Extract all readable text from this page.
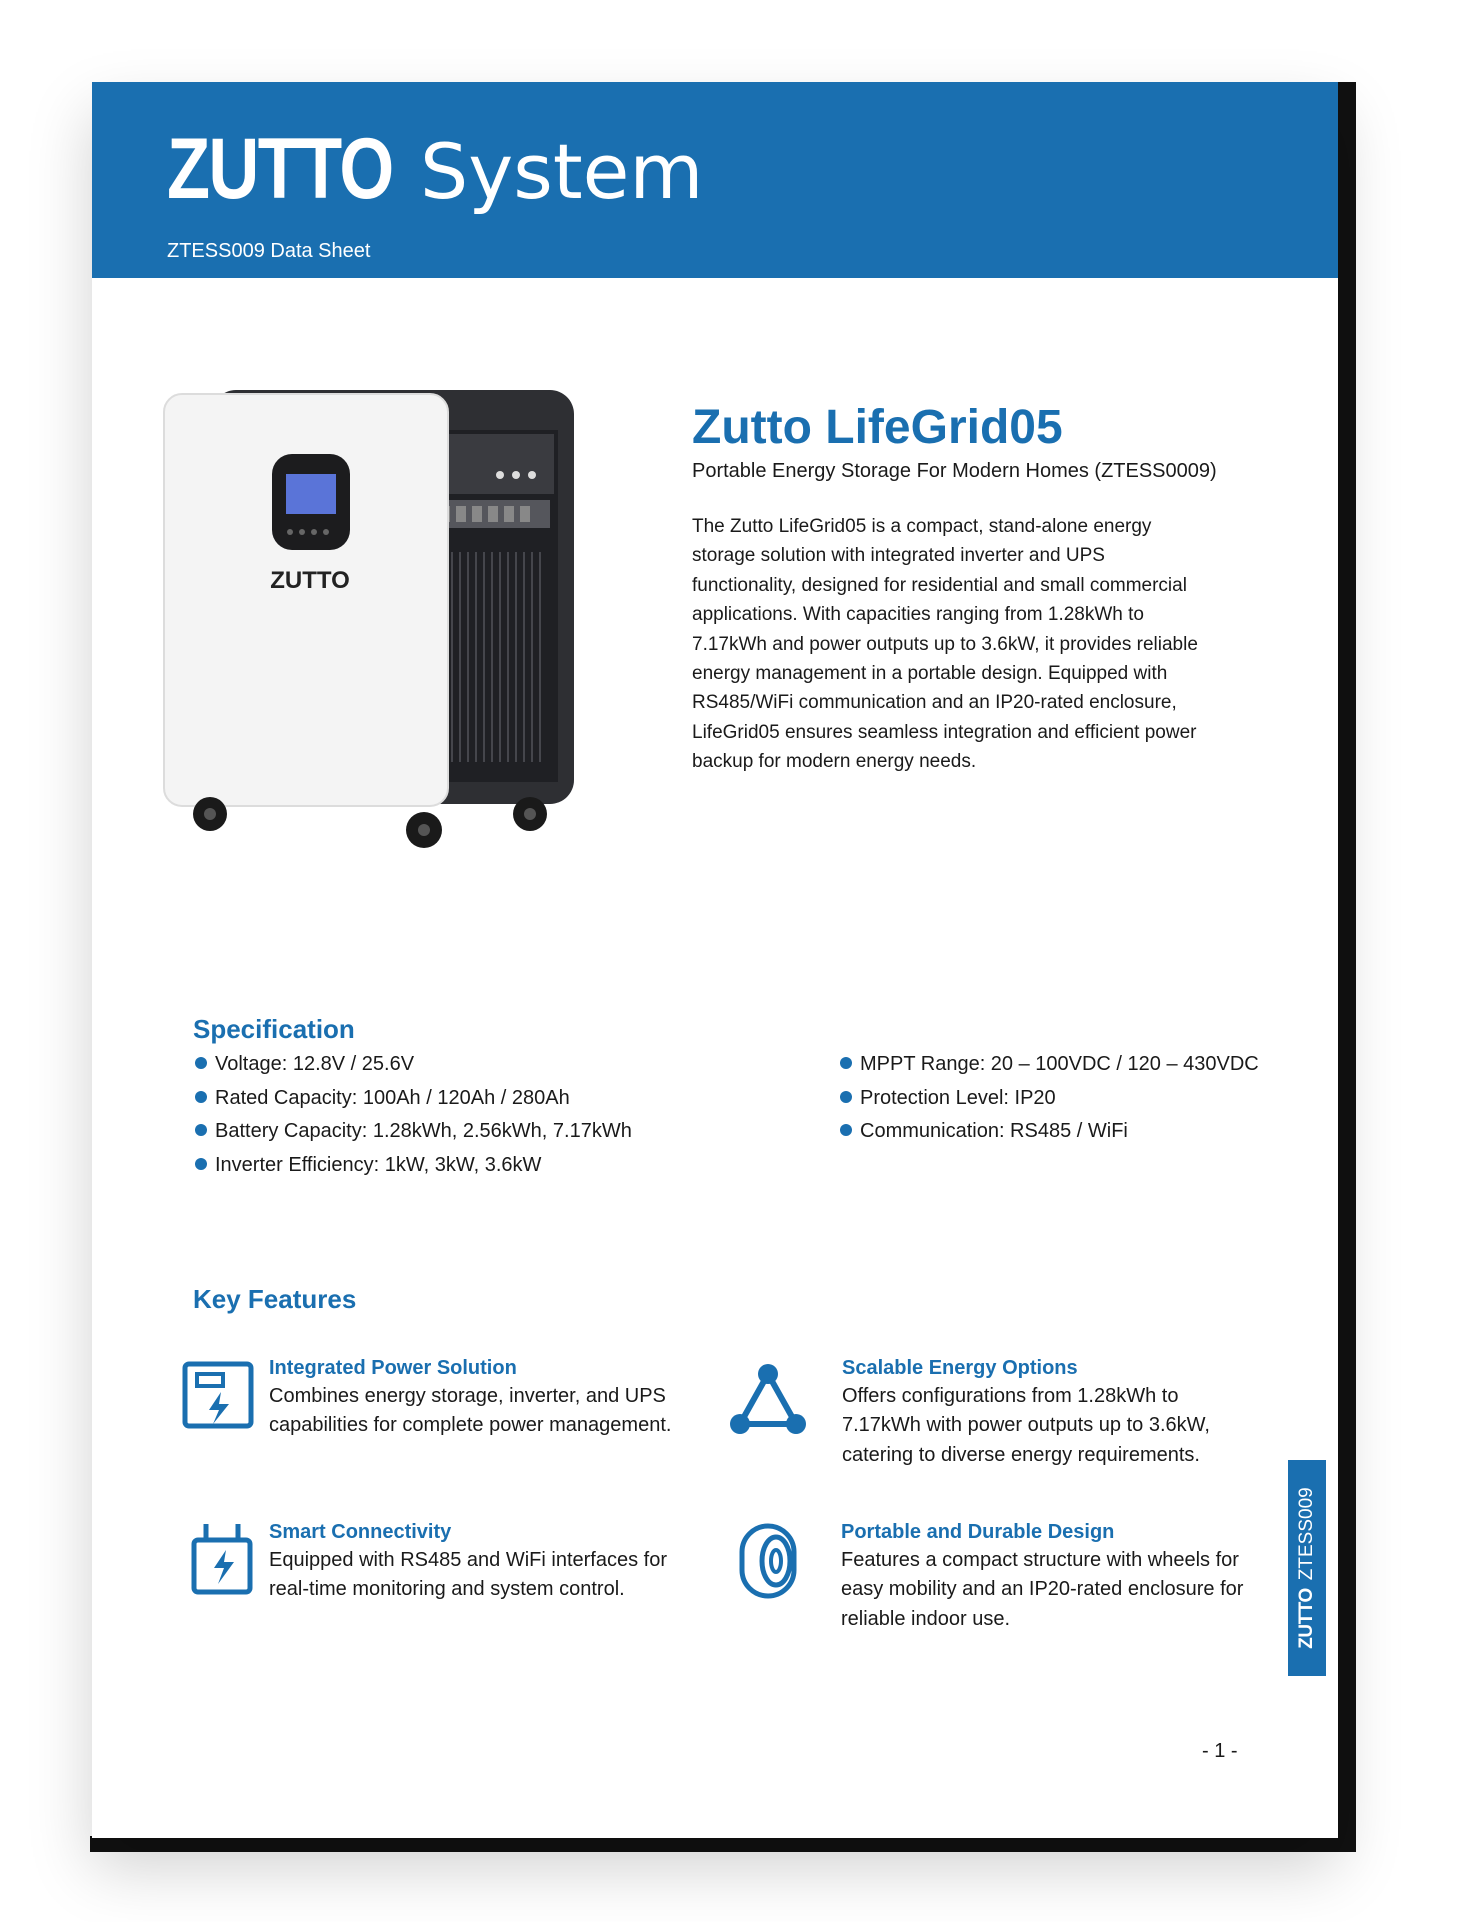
ZUTTO System
ZTESS009 Data Sheet
ZUTTO
Zutto LifeGrid05
Portable Energy Storage For Modern Homes (ZTESS0009)
The Zutto LifeGrid05 is a compact, stand-alone energy storage solution with integrated inverter and UPS functionality, designed for residential and small commercial applications. With capacities ranging from 1.28kWh to 7.17kWh and power outputs up to 3.6kW, it provides reliable energy management in a portable design. Equipped with RS485/WiFi communication and an IP20-rated enclosure, LifeGrid05 ensures seamless integration and efficient power backup for modern energy needs.
Specification
Voltage: 12.8V / 25.6V
Rated Capacity: 100Ah / 120Ah / 280Ah
Battery Capacity: 1.28kWh, 2.56kWh, 7.17kWh
Inverter Efficiency: 1kW, 3kW, 3.6kW
MPPT Range: 20 – 100VDC / 120 – 430VDC
Protection Level: IP20
Communication: RS485 / WiFi
Key Features
Integrated Power Solution
Combines energy storage, inverter, and UPS capabilities for complete power management.
Scalable Energy Options
Offers configurations from 1.28kWh to 7.17kWh with power outputs up to 3.6kW, catering to diverse energy requirements.
Smart Connectivity
Equipped with RS485 and WiFi interfaces for real-time monitoring and system control.
Portable and Durable Design
Features a compact structure with wheels for easy mobility and an IP20-rated enclosure for reliable indoor use.	ZUTTOZTESS009
- 1 -
